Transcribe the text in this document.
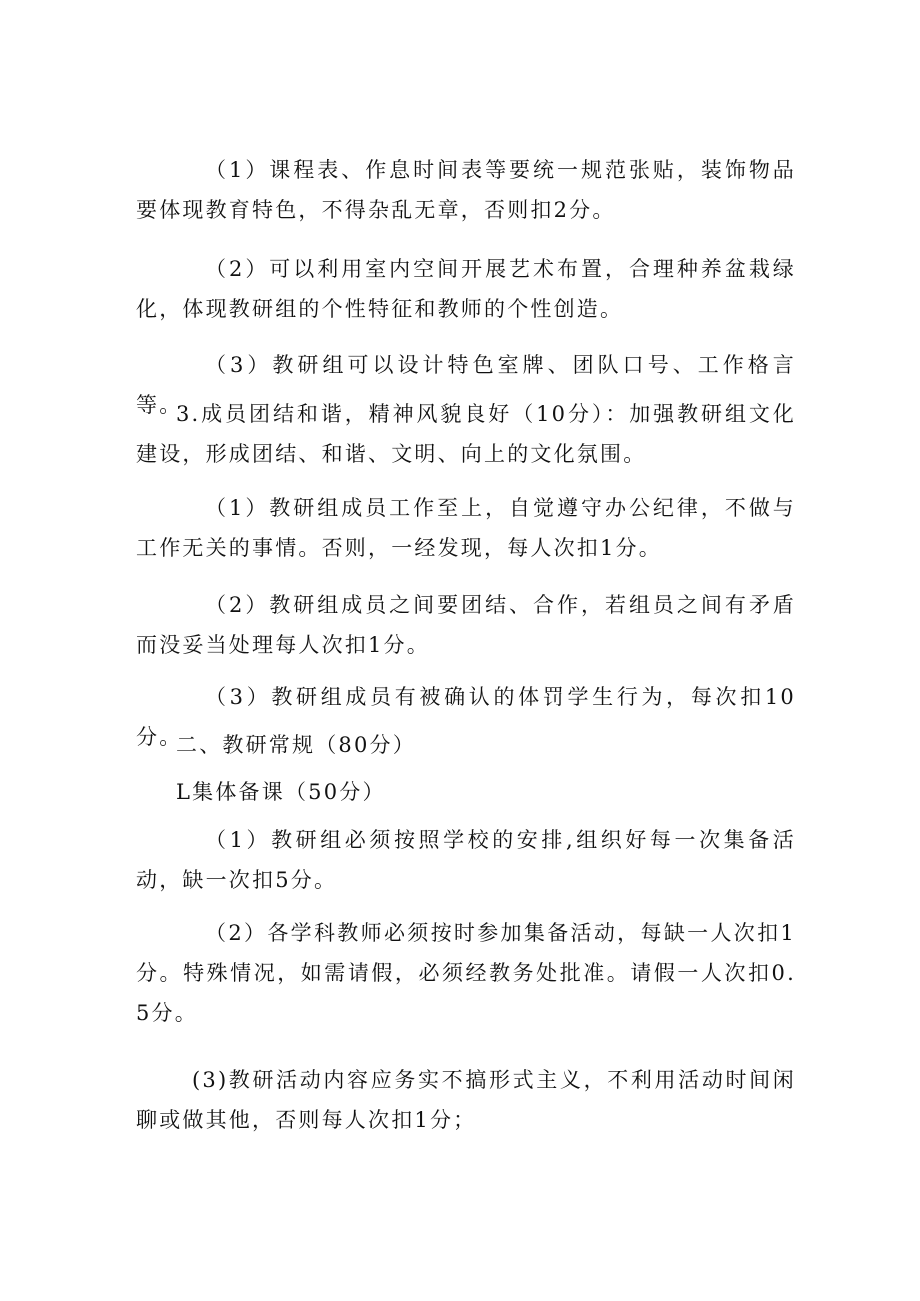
（1）课程表、作息时间表等要统一规范张贴，装饰物品要体现教育特色，不得杂乱无章，否则扣2分。

（2）可以利用室内空间开展艺术布置，合理种养盆栽绿化，体现教研组的个性特征和教师的个性创造。

（3）教研组可以设计特色室牌、团队口号、工作格言等。

3.成员团结和谐，精神风貌良好（10分）：加强教研组文化建设，形成团结、和谐、文明、向上的文化氛围。

（1）教研组成员工作至上，自觉遵守办公纪律，不做与工作无关的事情。否则，一经发现，每人次扣1分。

（2）教研组成员之间要团结、合作，若组员之间有矛盾而没妥当处理每人次扣1分。

（3）教研组成员有被确认的体罚学生行为，每次扣10分。

二、教研常规（80分）

L集体备课（50分）

（1）教研组必须按照学校的安排,组织好每一次集备活动，缺一次扣5分。

（2）各学科教师必须按时参加集备活动，每缺一人次扣1分。特殊情况，如需请假，必须经教务处批准。请假一人次扣0.5分。

(3)教研活动内容应务实不搞形式主义，不利用活动时间闲聊或做其他，否则每人次扣1分；
